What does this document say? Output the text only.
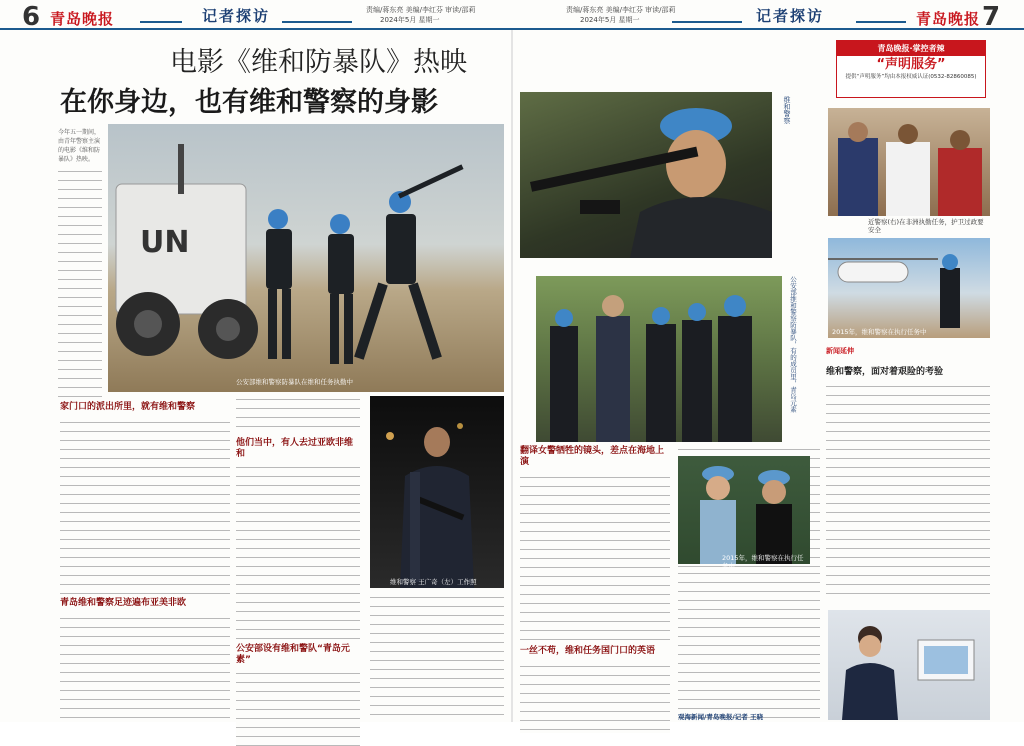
6 青岛晚报	记者探访	责编/蒋东亮 美编/李红芬 审读/邵莉
2024年5月 星期一
责编/蒋东亮 美编/李红芬 审读/邵莉
2024年5月 星期一	记者探访	青岛晚报 7
电影《维和防暴队》热映
在你身边，也有维和警察的身影
今年五一期间，由青年警察主演的电影《维和防暴队》热映。
UN
公安部维和警察防暴队在维和任务执勤中
家门口的派出所里，就有维和警察
青岛维和警察足迹遍布亚美非欧
他们当中，有人去过亚欧非维和
公安部设有维和警队“青岛元素”
维和警察 王广奇（左）工作照
青岛晚报·掌控者辣
“声明服务”
提供“声明服务”均由本报权威认证(0532-82860085)
维和警察
近警察(右)在非洲执勤任务，护卫过政要安全
2015年，维和警察在执行任务中
公安部维和警察防暴队，有的成员里，青岛元素	新闻延伸
维和警察，面对着艰险的考验
翻译女警牺牲的镜头，差点在海地上演
一丝不苟，维和任务国门口的英语
2015年，维和警察在执行任务中
观海新闻/青岛晚报/记者 王晓
